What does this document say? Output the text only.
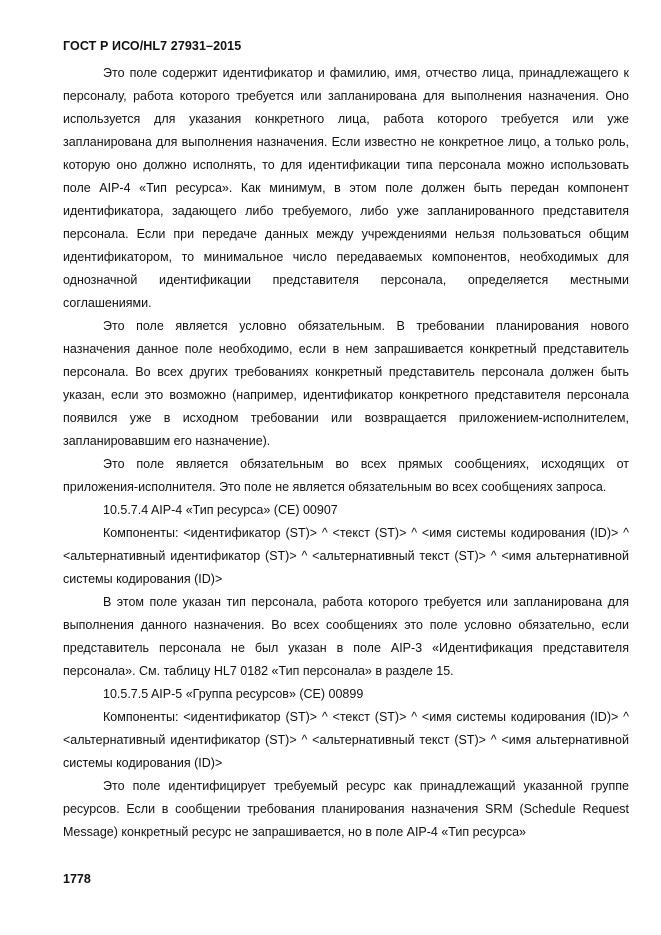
ГОСТ Р ИСО/HL7 27931–2015

Это поле содержит идентификатор и фамилию, имя, отчество лица, принадлежащего к персоналу, работа которого требуется или запланирована для выполнения назначения. Оно используется для указания конкретного лица, работа которого требуется или уже запланирована для выполнения назначения. Если известно не конкретное лицо, а только роль, которую оно должно исполнять, то для идентификации типа персонала можно использовать поле AIP-4 «Тип ресурса». Как минимум, в этом поле должен быть передан компонент идентификатора, задающего либо требуемого, либо уже запланированного представителя персонала. Если при передаче данных между учреждениями нельзя пользоваться общим идентификатором, то минимальное число передаваемых компонентов, необходимых для однозначной идентификации представителя персонала, определяется местными соглашениями.

Это поле является условно обязательным. В требовании планирования нового назначения данное поле необходимо, если в нем запрашивается конкретный представитель персонала. Во всех других требованиях конкретный представитель персонала должен быть указан, если это возможно (например, идентификатор конкретного представителя персонала появился уже в исходном требовании или возвращается приложением-исполнителем, запланировавшим его назначение).

Это поле является обязательным во всех прямых сообщениях, исходящих от приложения-исполнителя. Это поле не является обязательным во всех сообщениях запроса.

10.5.7.4 AIP-4 «Тип ресурса» (CE) 00907

Компоненты: <идентификатор (ST)> ^ <текст (ST)> ^ <имя системы кодирования (ID)> ^ <альтернативный идентификатор (ST)> ^ <альтернативный текст (ST)> ^ <имя альтернативной системы кодирования (ID)>

В этом поле указан тип персонала, работа которого требуется или запланирована для выполнения данного назначения. Во всех сообщениях это поле условно обязательно, если представитель персонала не был указан в поле AIP-3 «Идентификация представителя персонала». См. таблицу HL7 0182 «Тип персонала» в разделе 15.

10.5.7.5 AIP-5 «Группа ресурсов» (CE) 00899

Компоненты: <идентификатор (ST)> ^ <текст (ST)> ^ <имя системы кодирования (ID)> ^ <альтернативный идентификатор (ST)> ^ <альтернативный текст (ST)> ^ <имя альтернативной системы кодирования (ID)>

Это поле идентифицирует требуемый ресурс как принадлежащий указанной группе ресурсов. Если в сообщении требования планирования назначения SRM (Schedule Request Message) конкретный ресурс не запрашивается, но в поле AIP-4 «Тип ресурса»

1778
